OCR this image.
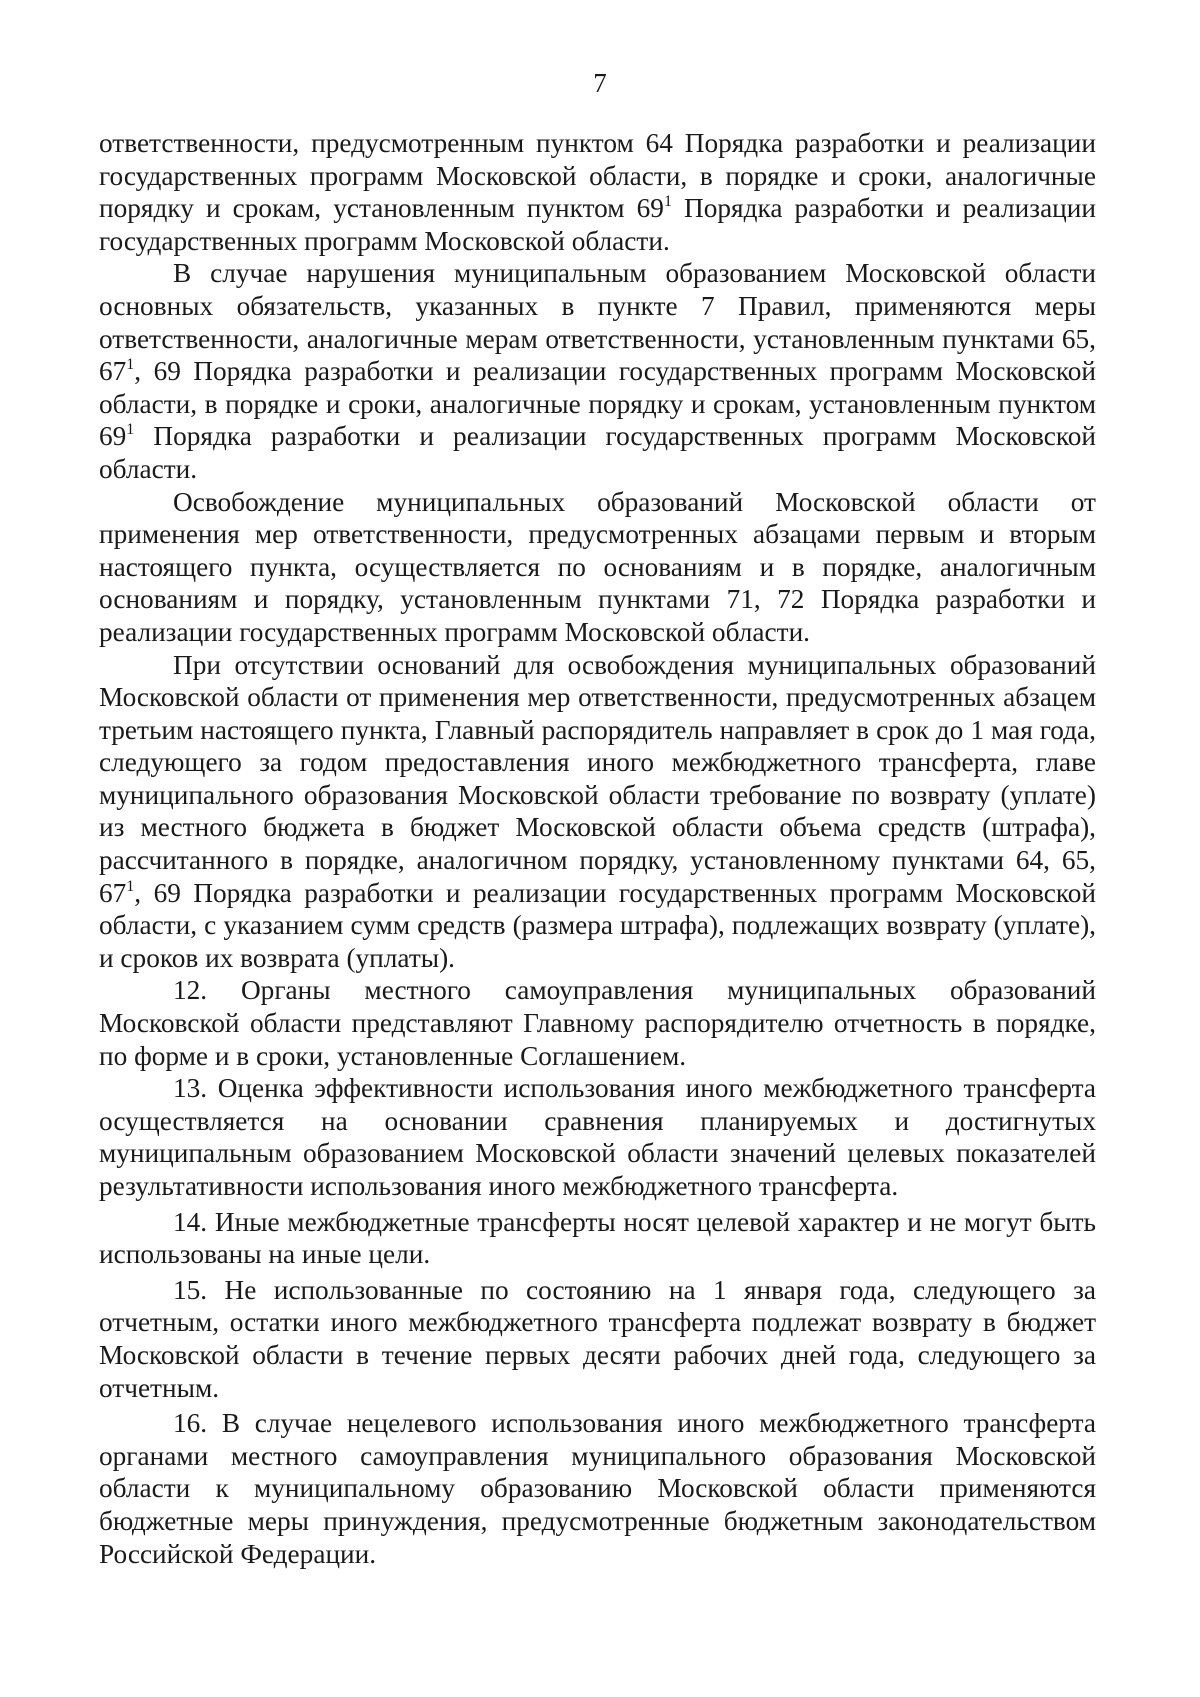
7

ответственности, предусмотренным пунктом 64 Порядка разработки и реализации государственных программ Московской области, в порядке и сроки, аналогичные порядку и срокам, установленным пунктом $69^1$ Порядка разработки и реализации государственных программ Московской области.

В случае нарушения муниципальным образованием Московской области основных обязательств, указанных в пункте 7 Правил, применяются меры ответственности, аналогичные мерам ответственности, установленным пунктами 65, $67^1$, 69 Порядка разработки и реализации государственных программ Московской области, в порядке и сроки, аналогичные порядку и срокам, установленным пунктом $69^1$ Порядка разработки и реализации государственных программ Московской области.

Освобождение муниципальных образований Московской области от применения мер ответственности, предусмотренных абзацами первым и вторым настоящего пункта, осуществляется по основаниям и в порядке, аналогичным основаниям и порядку, установленным пунктами 71, 72 Порядка разработки и реализации государственных программ Московской области.

При отсутствии оснований для освобождения муниципальных образований Московской области от применения мер ответственности, предусмотренных абзацем третьим настоящего пункта, Главный распорядитель направляет в срок до 1 мая года, следующего за годом предоставления иного межбюджетного трансферта, главе муниципального образования Московской области требование по возврату (уплате) из местного бюджета в бюджет Московской области объема средств (штрафа), рассчитанного в порядке, аналогичном порядку, установленному пунктами 64, 65, $67^1$, 69 Порядка разработки и реализации государственных программ Московской области, с указанием сумм средств (размера штрафа), подлежащих возврату (уплате), и сроков их возврата (уплаты).

12. Органы местного самоуправления муниципальных образований Московской области представляют Главному распорядителю отчетность в порядке, по форме и в сроки, установленные Соглашением.

13. Оценка эффективности использования иного межбюджетного трансферта осуществляется на основании сравнения планируемых и достигнутых муниципальным образованием Московской области значений целевых показателей результативности использования иного межбюджетного трансферта.

14. Иные межбюджетные трансферты носят целевой характер и не могут быть использованы на иные цели.

15. Не использованные по состоянию на 1 января года, следующего за отчетным, остатки иного межбюджетного трансферта подлежат возврату в бюджет Московской области в течение первых десяти рабочих дней года, следующего за отчетным.

16. В случае нецелевого использования иного межбюджетного трансферта органами местного самоуправления муниципального образования Московской области к муниципальному образованию Московской области применяются бюджетные меры принуждения, предусмотренные бюджетным законодательством Российской Федерации.
